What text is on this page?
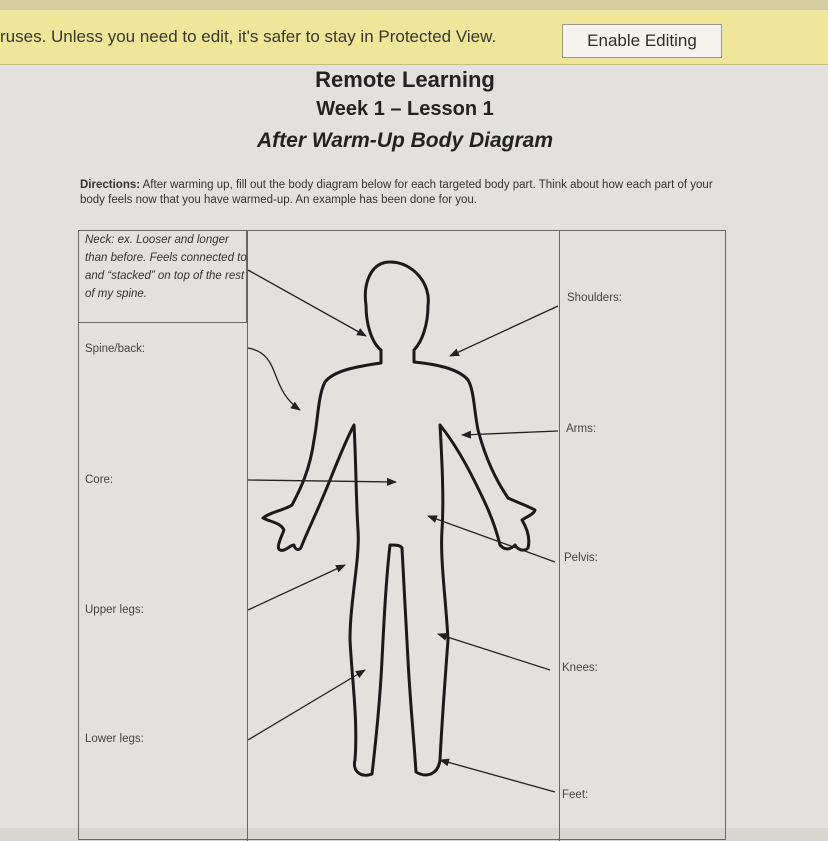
ruses. Unless you need to edit, it's safer to stay in Protected View.	Enable Editing
Remote Learning
Week 1 – Lesson 1
After Warm-Up Body Diagram
Directions: After warming up, fill out the body diagram below for each targeted body part. Think about how each part of your body feels now that you have warmed-up. An example has been done for you.
Neck: ex. Looser and longer than before. Feels connected to and “stacked” on top of the rest of my spine.
Spine/back:
Core:
Upper legs:
Lower legs:
Shoulders:
Arms:
Pelvis:
Knees:
Feet:
